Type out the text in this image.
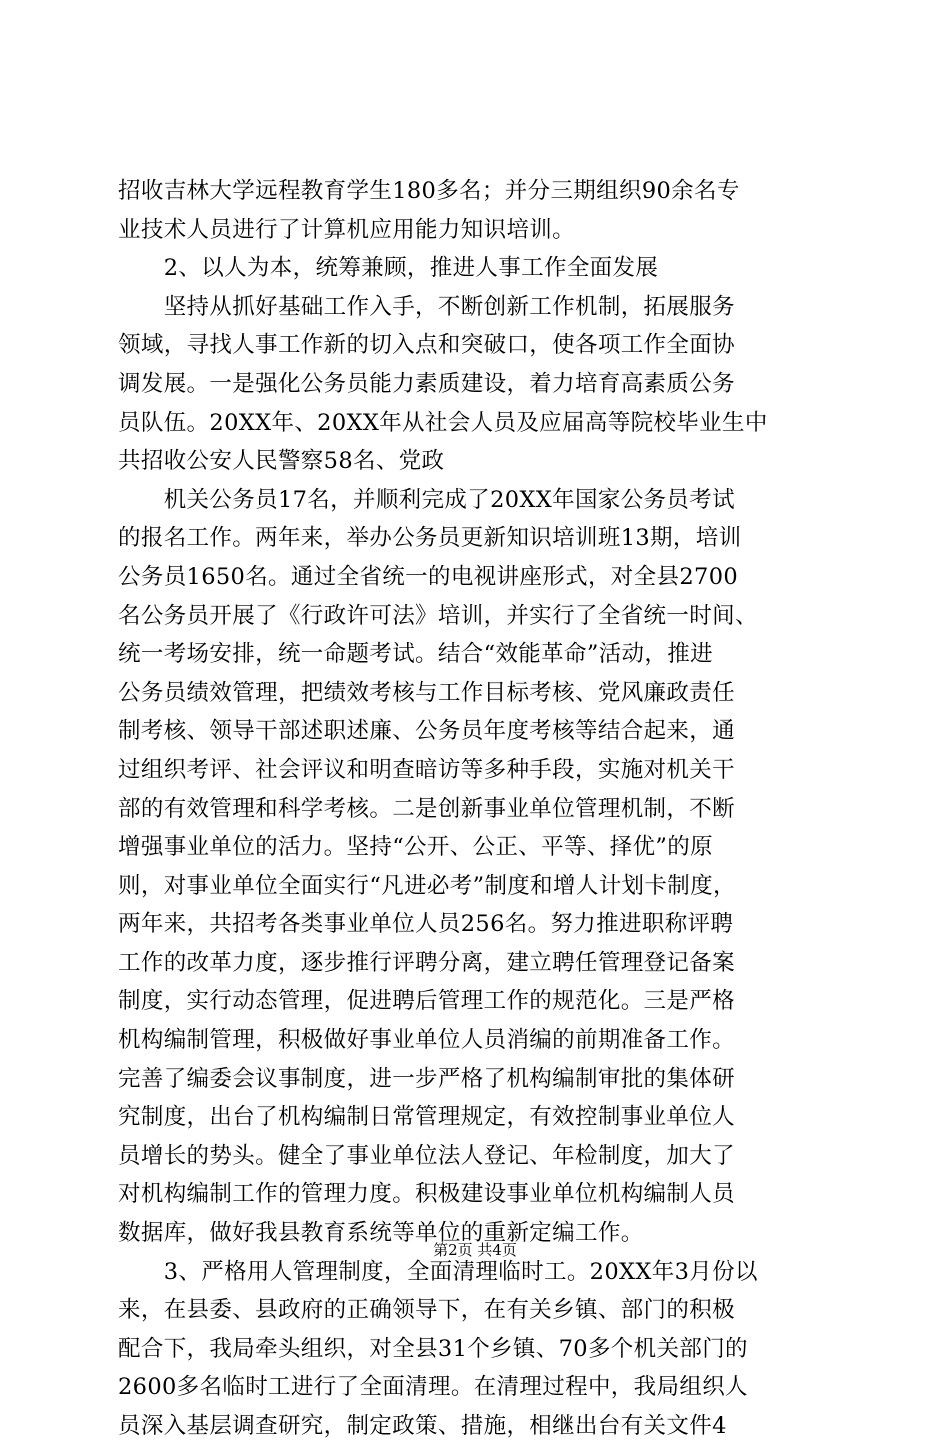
招收吉林大学远程教育学生180多名；并分三期组织90余名专
业技术人员进行了计算机应用能力知识培训。
　　2、以人为本，统筹兼顾，推进人事工作全面发展
　　坚持从抓好基础工作入手，不断创新工作机制，拓展服务
领域，寻找人事工作新的切入点和突破口，使各项工作全面协
调发展。一是强化公务员能力素质建设，着力培育高素质公务
员队伍。20XX年、20XX年从社会人员及应届高等院校毕业生中
共招收公安人民警察58名、党政
　　机关公务员17名，并顺利完成了20XX年国家公务员考试
的报名工作。两年来，举办公务员更新知识培训班13期，培训
公务员1650名。通过全省统一的电视讲座形式，对全县2700
名公务员开展了《行政许可法》培训，并实行了全省统一时间、
统一考场安排，统一命题考试。结合“效能革命”活动，推进
公务员绩效管理，把绩效考核与工作目标考核、党风廉政责任
制考核、领导干部述职述廉、公务员年度考核等结合起来，通
过组织考评、社会评议和明查暗访等多种手段，实施对机关干
部的有效管理和科学考核。二是创新事业单位管理机制，不断
增强事业单位的活力。坚持“公开、公正、平等、择优”的原
则，对事业单位全面实行“凡进必考”制度和增人计划卡制度，
两年来，共招考各类事业单位人员256名。努力推进职称评聘
工作的改革力度，逐步推行评聘分离，建立聘任管理登记备案
制度，实行动态管理，促进聘后管理工作的规范化。三是严格
机构编制管理，积极做好事业单位人员消编的前期准备工作。
完善了编委会议事制度，进一步严格了机构编制审批的集体研
究制度，出台了机构编制日常管理规定，有效控制事业单位人
员增长的势头。健全了事业单位法人登记、年检制度，加大了
对机构编制工作的管理力度。积极建设事业单位机构编制人员
数据库，做好我县教育系统等单位的重新定编工作。
　　3、严格用人管理制度，全面清理临时工。20XX年3月份以
来，在县委、县政府的正确领导下，在有关乡镇、部门的积极
配合下，我局牵头组织，对全县31个乡镇、70多个机关部门的
2600多名临时工进行了全面清理。在清理过程中，我局组织人
员深入基层调查研究，制定政策、措施，相继出台有关文件4
第2页 共4页
